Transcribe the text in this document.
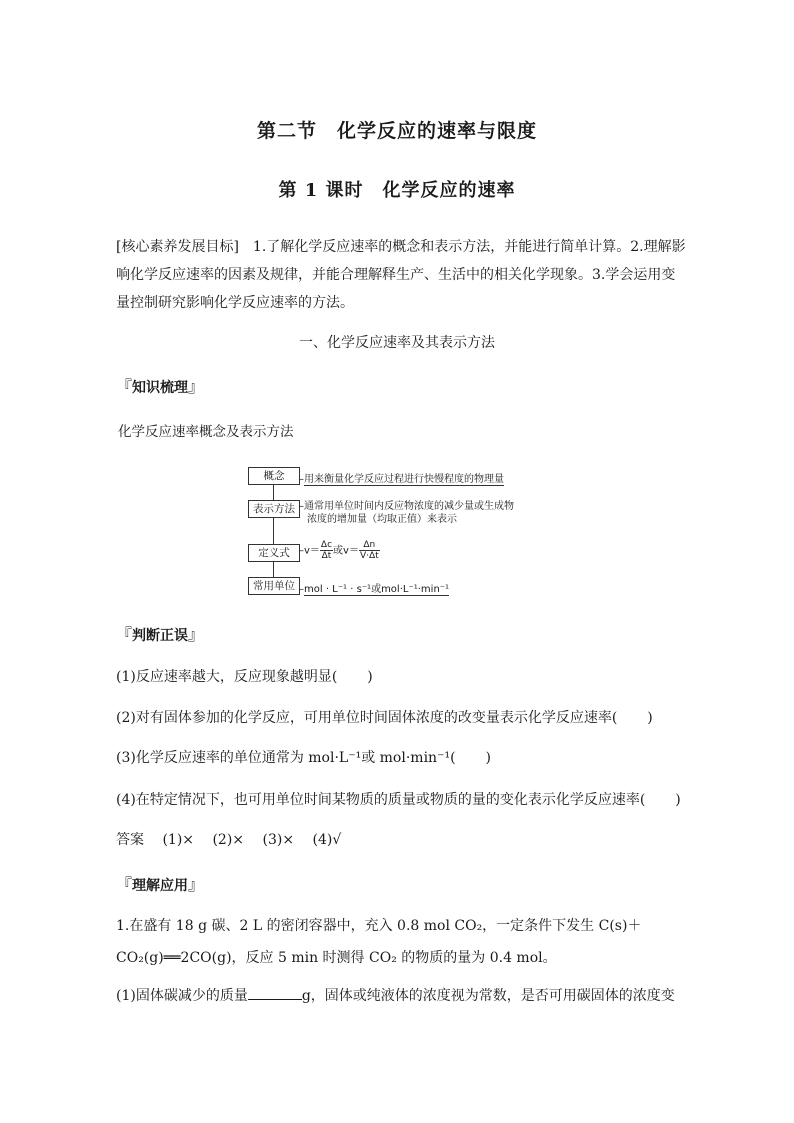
第二节　化学反应的速率与限度
第 1 课时　化学反应的速率
[核心素养发展目标]　1.了解化学反应速率的概念和表示方法，并能进行简单计算。2.理解影响化学反应速率的因素及规律，并能合理解释生产、生活中的相关化学现象。3.学会运用变量控制研究影响化学反应速率的方法。
一、化学反应速率及其表示方法
『知识梳理』
化学反应速率概念及表示方法
概念	–用来衡量化学反应过程进行快慢程度的物理量
表示方法 –通常用单位时间内反应物浓度的减少量或生成物
浓度的增加量（均取正值）来表示
定义式 $-v= \frac{\Delta c}{\Delta t}$ 或$v= \frac{\Delta n}{V\cdot\Delta t}$
常用单位 –mol · L⁻¹ · s⁻¹或mol·L⁻¹·min⁻¹
『判断正误』
(1)反应速率越大，反应现象越明显( )
(2)对有固体参加的化学反应，可用单位时间固体浓度的改变量表示化学反应速率( )
(3)化学反应速率的单位通常为 mol·L⁻¹或 mol·min⁻¹( )
(4)在特定情况下，也可用单位时间某物质的质量或物质的量的变化表示化学反应速率( )
答案 (1)× (2)× (3)× (4)√
『理解应用』
1.在盛有 18 g 碳、2 L 的密闭容器中，充入 0.8 mol CO₂，一定条件下发生 C(s)＋
CO₂(g)══2CO(g)，反应 5 min 时测得 CO₂ 的物质的量为 0.4 mol。
(1)固体碳减少的质量	g，固体或纯液体的浓度视为常数，是否可用碳固体的浓度变
